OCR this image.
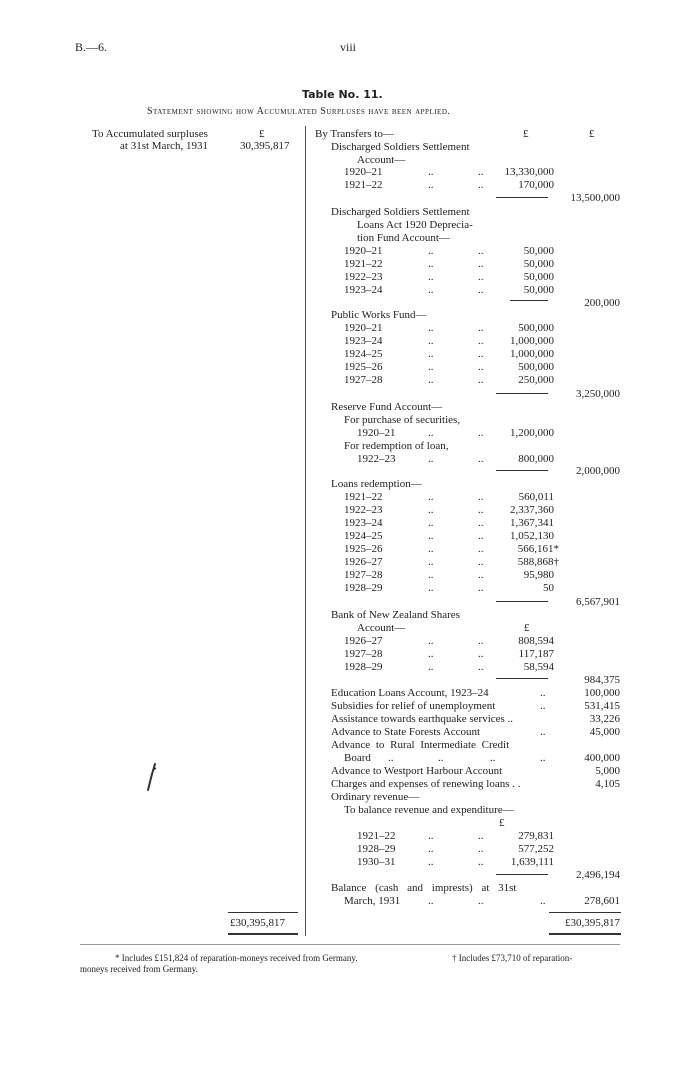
B.—6.	viii
Table No. 11.
Statement showing how Accumulated Surpluses have been applied.
To Accumulated surpluses	£
at 31st March, 1931	30,395,817
£30,395,817
By Transfers to—	£	£
Discharged Soldiers Settlement
Account—
1920–21	..	.. 13,330,000
1921–22	..	..	170,000
13,500,000
Discharged Soldiers Settlement
Loans Act 1920 Deprecia-
tion Fund Account—
1920–21	..	..	50,000
1921–22	..	..	50,000
1922–23	..	..	50,000
1923–24	..	..	50,000
200,000
Public Works Fund—
1920–21	..	..	500,000
1923–24	..	.. 1,000,000
1924–25	..	.. 1,000,000
1925–26	..	..	500,000
1927–28	..	..	250,000
3,250,000
Reserve Fund Account—
For purchase of securities,
1920–21	..	.. 1,200,000
For redemption of loan,
1922–23	..	..	800,000
2,000,000
Loans redemption—
1921–22	..	..	560,011
1922–23	..	.. 2,337,360
1923–24	..	.. 1,367,341
1924–25	..	.. 1,052,130
1925–26	..	..	566,161*
1926–27	..	..	588,868†
1927–28	..	..	95,980
1928–29	..	..	50
6,567,901
Bank of New Zealand Shares
Account—	£
1926–27	..	..	808,594
1927–28	..	..	117,187
1928–29	..	..	58,594
984,375
Education Loans Account, 1923–24	..	100,000
Subsidies for relief of unemployment	..	531,415
Assistance towards earthquake services ..	33,226
Advance to State Forests Account	..	45,000
Advance to Rural Intermediate Credit
Board ..	..	..	..	400,000
Advance to Westport Harbour Account	5,000
Charges and expenses of renewing loans . .	4,105
Ordinary revenue—
To balance revenue and expenditure—
£
1921–22	..	..	279,831
1928–29	..	..	577,252
1930–31	..	.. 1,639,111
2,496,194
Balance (cash and imprests) at 31st
March, 1931	..	..	..	278,601
£30,395,817
* Includes £151,824 of reparation-moneys received from Germany.	† Includes £73,710 of reparation-
moneys received from Germany.
